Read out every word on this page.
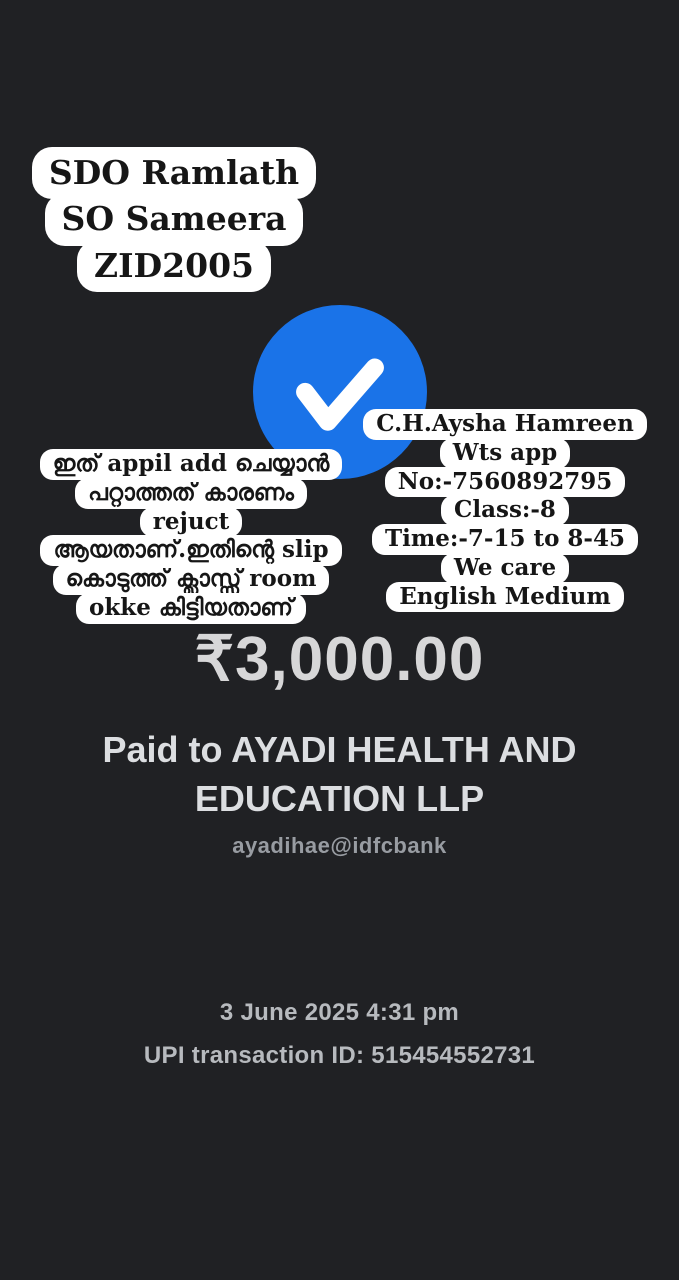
SDO Ramlath
SO Sameera
ZID2005
ഇത് appil add ചെയ്യാൻ
പറ്റാത്തത് കാരണം
rejuct
ആയതാണ്.ഇതിന്റെ slip
കൊടുത്ത് ക്ലാസ്സ് room
okke കിട്ടിയതാണ്
C.H.Aysha Hamreen
Wts app
No:-7560892795
Class:-8
Time:-7-15 to 8-45
We care
English Medium
₹3,000.00
Paid to AYADI HEALTH AND EDUCATION LLP
ayadihae@idfcbank
3 June 2025 4:31 pm
UPI transaction ID: 515454552731
